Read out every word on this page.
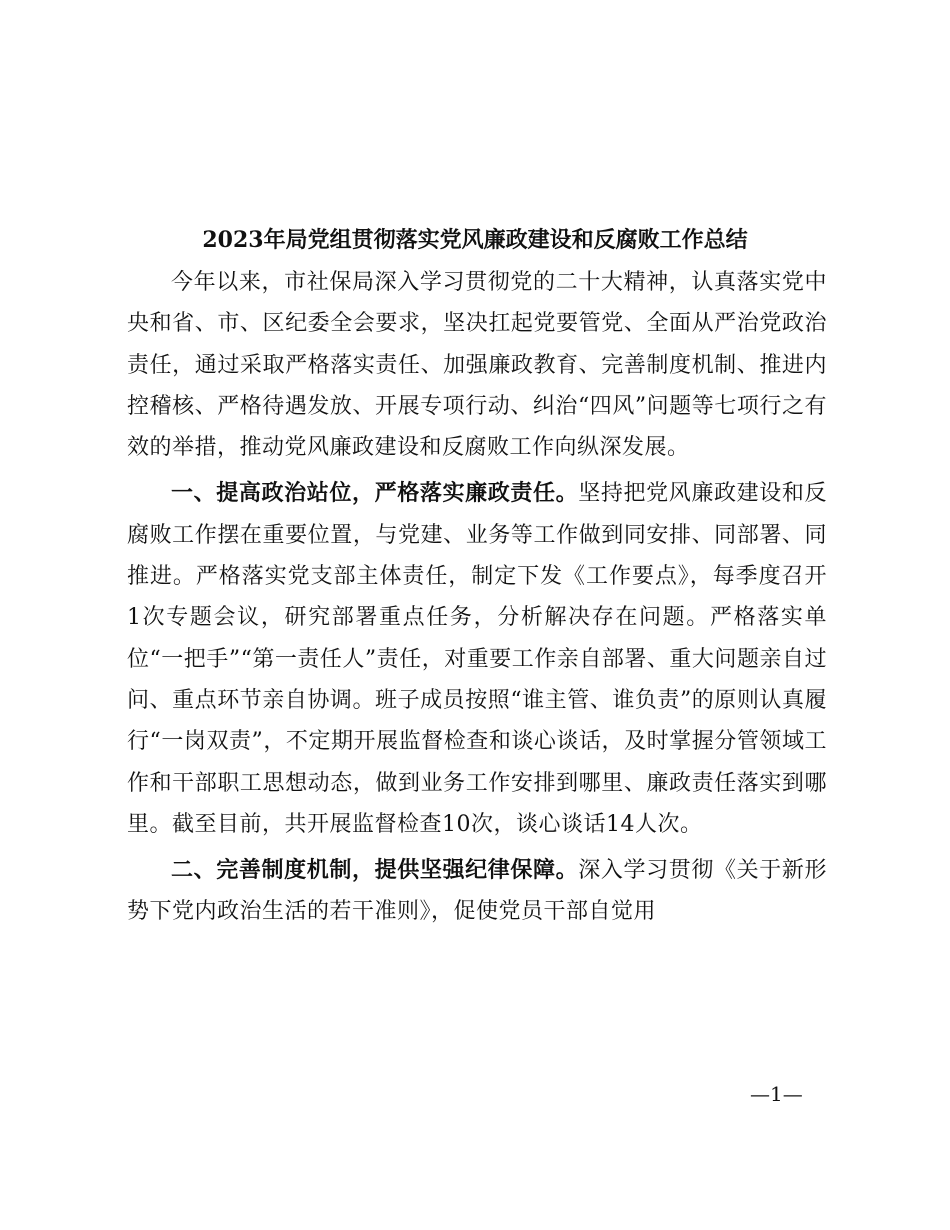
2023年局党组贯彻落实党风廉政建设和反腐败工作总结

今年以来，市社保局深入学习贯彻党的二十大精神，认真落实党中央和省、市、区纪委全会要求，坚决扛起党要管党、全面从严治党政治责任，通过采取严格落实责任、加强廉政教育、完善制度机制、推进内控稽核、严格待遇发放、开展专项行动、纠治“四风”问题等七项行之有效的举措，推动党风廉政建设和反腐败工作向纵深发展。

一、提高政治站位，严格落实廉政责任。坚持把党风廉政建设和反腐败工作摆在重要位置，与党建、业务等工作做到同安排、同部署、同推进。严格落实党支部主体责任，制定下发《工作要点》，每季度召开1次专题会议，研究部署重点任务，分析解决存在问题。严格落实单位“一把手”“第一责任人”责任，对重要工作亲自部署、重大问题亲自过问、重点环节亲自协调。班子成员按照“谁主管、谁负责”的原则认真履行“一岗双责”，不定期开展监督检查和谈心谈话，及时掌握分管领域工作和干部职工思想动态，做到业务工作安排到哪里、廉政责任落实到哪里。截至目前，共开展监督检查10次，谈心谈话14人次。

二、完善制度机制，提供坚强纪律保障。深入学习贯彻《关于新形势下党内政治生活的若干准则》，促使党员干部自觉用

—1—
